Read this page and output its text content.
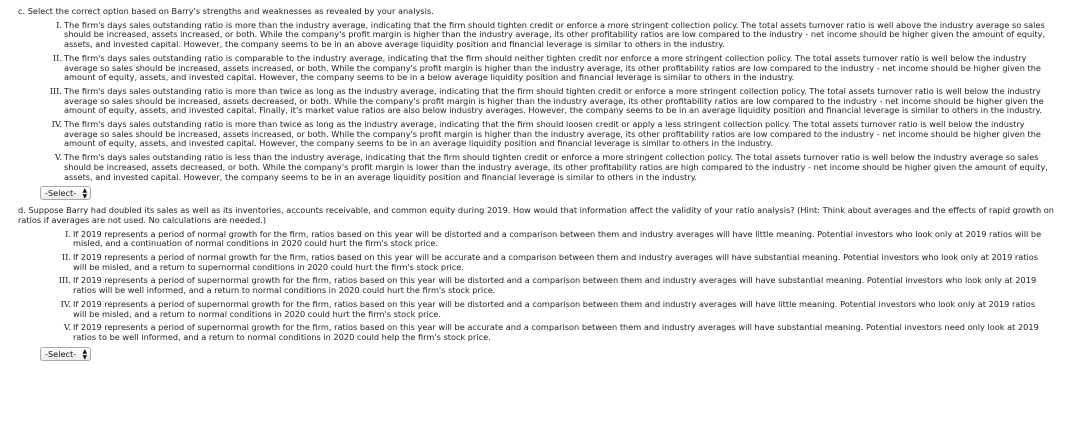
c. Select the correct option based on Barry's strengths and weaknesses as revealed by your analysis.

I. The firm's days sales outstanding ratio is more than the industry average, indicating that the firm should tighten credit or enforce a more stringent collection policy. The total assets turnover ratio is well above the industry average so sales should be increased, assets increased, or both. While the company's profit margin is higher than the industry average, its other profitability ratios are low compared to the industry - net income should be higher given the amount of equity, assets, and invested capital. However, the company seems to be in an above average liquidity position and financial leverage is similar to others in the industry.
II. The firm's days sales outstanding ratio is comparable to the industry average, indicating that the firm should neither tighten credit nor enforce a more stringent collection policy. The total assets turnover ratio is well below the industry average so sales should be increased, assets increased, or both. While the company's profit margin is higher than the industry average, its other profitability ratios are low compared to the industry - net income should be higher given the amount of equity, assets, and invested capital. However, the company seems to be in a below average liquidity position and financial leverage is similar to others in the industry.
III. The firm's days sales outstanding ratio is more than twice as long as the industry average, indicating that the firm should tighten credit or enforce a more stringent collection policy. The total assets turnover ratio is well below the industry average so sales should be increased, assets decreased, or both. While the company's profit margin is higher than the industry average, its other profitability ratios are low compared to the industry - net income should be higher given the amount of equity, assets, and invested capital. Finally, it's market value ratios are also below industry averages. However, the company seems to be in an average liquidity position and financial leverage is similar to others in the industry.
IV. The firm's days sales outstanding ratio is more than twice as long as the industry average, indicating that the firm should loosen credit or apply a less stringent collection policy. The total assets turnover ratio is well below the industry average so sales should be increased, assets increased, or both. While the company's profit margin is higher than the industry average, its other profitability ratios are low compared to the industry - net income should be higher given the amount of equity, assets, and invested capital. However, the company seems to be in an average liquidity position and financial leverage is similar to others in the industry.
V. The firm's days sales outstanding ratio is less than the industry average, indicating that the firm should tighten credit or enforce a more stringent collection policy. The total assets turnover ratio is well below the industry average so sales should be increased, assets decreased, or both. While the company's profit margin is lower than the industry average, its other profitability ratios are high compared to the industry - net income should be higher given the amount of equity, assets, and invested capital. However, the company seems to be in an average liquidity position and financial leverage is similar to others in the industry.
-Select- ▲
▼

d. Suppose Barry had doubled its sales as well as its inventories, accounts receivable, and common equity during 2019. How would that information affect the validity of your ratio analysis? (Hint: Think about averages and the effects of rapid growth on ratios if averages are not used. No calculations are needed.)

I. If 2019 represents a period of normal growth for the firm, ratios based on this year will be distorted and a comparison between them and industry averages will have little meaning. Potential investors who look only at 2019 ratios will be misled, and a continuation of normal conditions in 2020 could hurt the firm's stock price.
II. If 2019 represents a period of normal growth for the firm, ratios based on this year will be accurate and a comparison between them and industry averages will have substantial meaning. Potential investors who look only at 2019 ratios will be misled, and a return to supernormal conditions in 2020 could hurt the firm's stock price.
III. If 2019 represents a period of supernormal growth for the firm, ratios based on this year will be distorted and a comparison between them and industry averages will have substantial meaning. Potential investors who look only at 2019 ratios will be well informed, and a return to normal conditions in 2020 could hurt the firm's stock price.
IV. If 2019 represents a period of supernormal growth for the firm, ratios based on this year will be distorted and a comparison between them and industry averages will have little meaning. Potential investors who look only at 2019 ratios will be misled, and a return to normal conditions in 2020 could hurt the firm's stock price.
V. If 2019 represents a period of supernormal growth for the firm, ratios based on this year will be accurate and a comparison between them and industry averages will have substantial meaning. Potential investors need only look at 2019 ratios to be well informed, and a return to normal conditions in 2020 could help the firm's stock price.
-Select- ▲
▼
